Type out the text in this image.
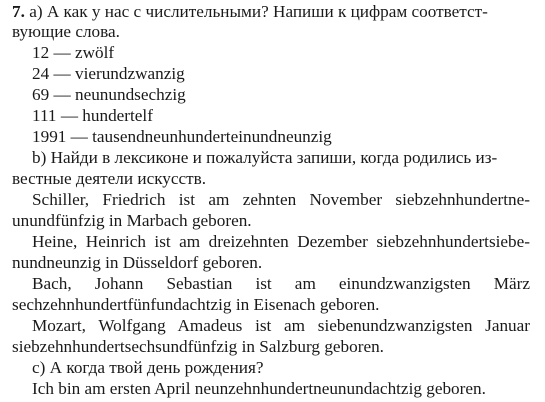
7. а) А как у нас с числительными? Напиши к цифрам соответст-
вующие слова.
12 — zwölf
24 — vierundzwanzig
69 — neunundsechzig
111 — hundertelf
1991 — tausendneunhunderteinundneunzig
b) Найди в лексиконе и пожалуйста запиши, когда родились из-
вестные деятели искусств.
Schiller, Friedrich ist am zehnten November siebzehnhundertne-
unundfünfzig in Marbach geboren.
Heine, Heinrich ist am dreizehnten Dezember siebzehnhundertsiebe-
nundneunzig in Düsseldorf geboren.
Bach, Johann Sebastian ist am einundzwanzigsten März
sechzehnhundertfünfundachtzig in Eisenach geboren.
Mozart, Wolfgang Amadeus ist am siebenundzwanzigsten Januar
siebzehnhundertsechsundfünfzig in Salzburg geboren.
с) А когда твой день рождения?
Ich bin am ersten April neunzehnhundertneunundachtzig geboren.
